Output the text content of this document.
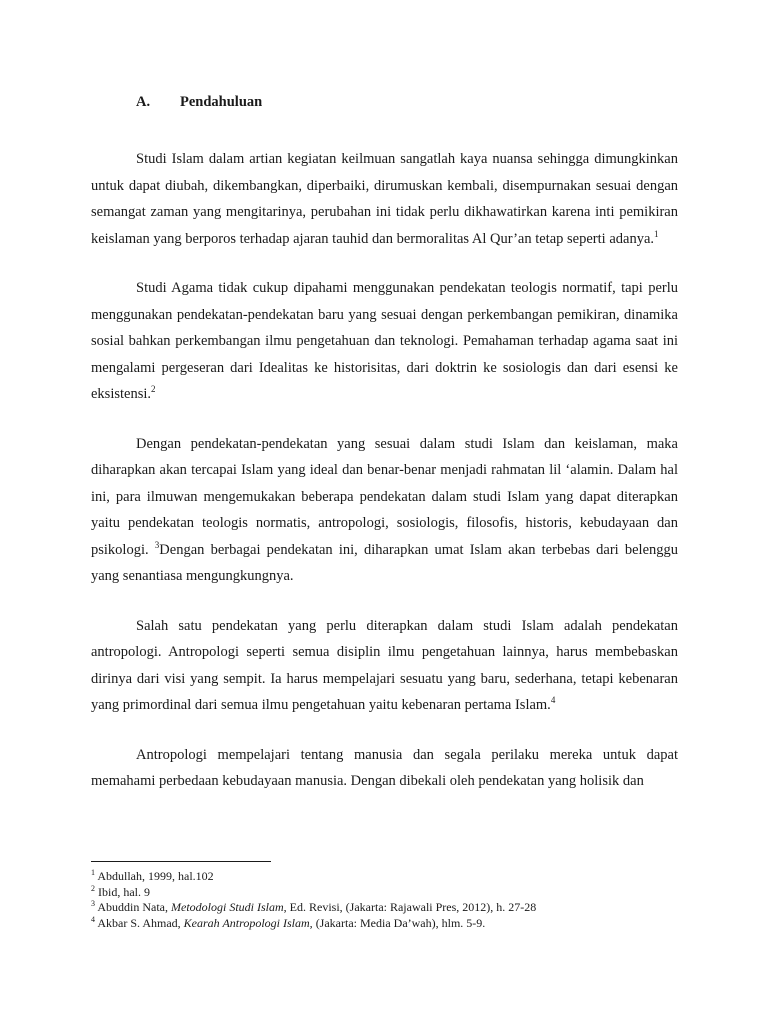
A. Pendahuluan

Studi Islam dalam artian kegiatan keilmuan sangatlah kaya nuansa sehingga dimungkinkan untuk dapat diubah, dikembangkan, diperbaiki, dirumuskan kembali, disempurnakan sesuai dengan semangat zaman yang mengitarinya, perubahan ini tidak perlu dikhawatirkan karena inti pemikiran keislaman yang berporos terhadap ajaran tauhid dan bermoralitas Al Qur’an tetap seperti adanya.$^1$

Studi Agama tidak cukup dipahami menggunakan pendekatan teologis normatif, tapi perlu menggunakan pendekatan-pendekatan baru yang sesuai dengan perkembangan pemikiran, dinamika sosial bahkan perkembangan ilmu pengetahuan dan teknologi. Pemahaman terhadap agama saat ini mengalami pergeseran dari Idealitas ke historisitas, dari doktrin ke sosiologis dan dari esensi ke eksistensi.$^2$

Dengan pendekatan-pendekatan yang sesuai dalam studi Islam dan keislaman, maka diharapkan akan tercapai Islam yang ideal dan benar-benar menjadi rahmatan lil ‘alamin. Dalam hal ini, para ilmuwan mengemukakan beberapa pendekatan dalam studi Islam yang dapat diterapkan yaitu pendekatan teologis normatis, antropologi, sosiologis, filosofis, historis, kebudayaan dan psikologi. $^3$Dengan berbagai pendekatan ini, diharapkan umat Islam akan terbebas dari belenggu yang senantiasa mengungkungnya.

Salah satu pendekatan yang perlu diterapkan dalam studi Islam adalah pendekatan antropologi. Antropologi seperti semua disiplin ilmu pengetahuan lainnya, harus membebaskan dirinya dari visi yang sempit. Ia harus mempelajari sesuatu yang baru, sederhana, tetapi kebenaran yang primordinal dari semua ilmu pengetahuan yaitu kebenaran pertama Islam.$^4$

Antropologi mempelajari tentang manusia dan segala perilaku mereka untuk dapat memahami perbedaan kebudayaan manusia. Dengan dibekali oleh pendekatan yang holisik dan

$^1$ Abdullah, 1999, hal.102
$^2$ Ibid, hal. 9
$^3$ Abuddin Nata, Metodologi Studi Islam, Ed. Revisi, (Jakarta: Rajawali Pres, 2012), h. 27-28
$^4$ Akbar S. Ahmad, Kearah Antropologi Islam, (Jakarta: Media Da’wah), hlm. 5-9.
